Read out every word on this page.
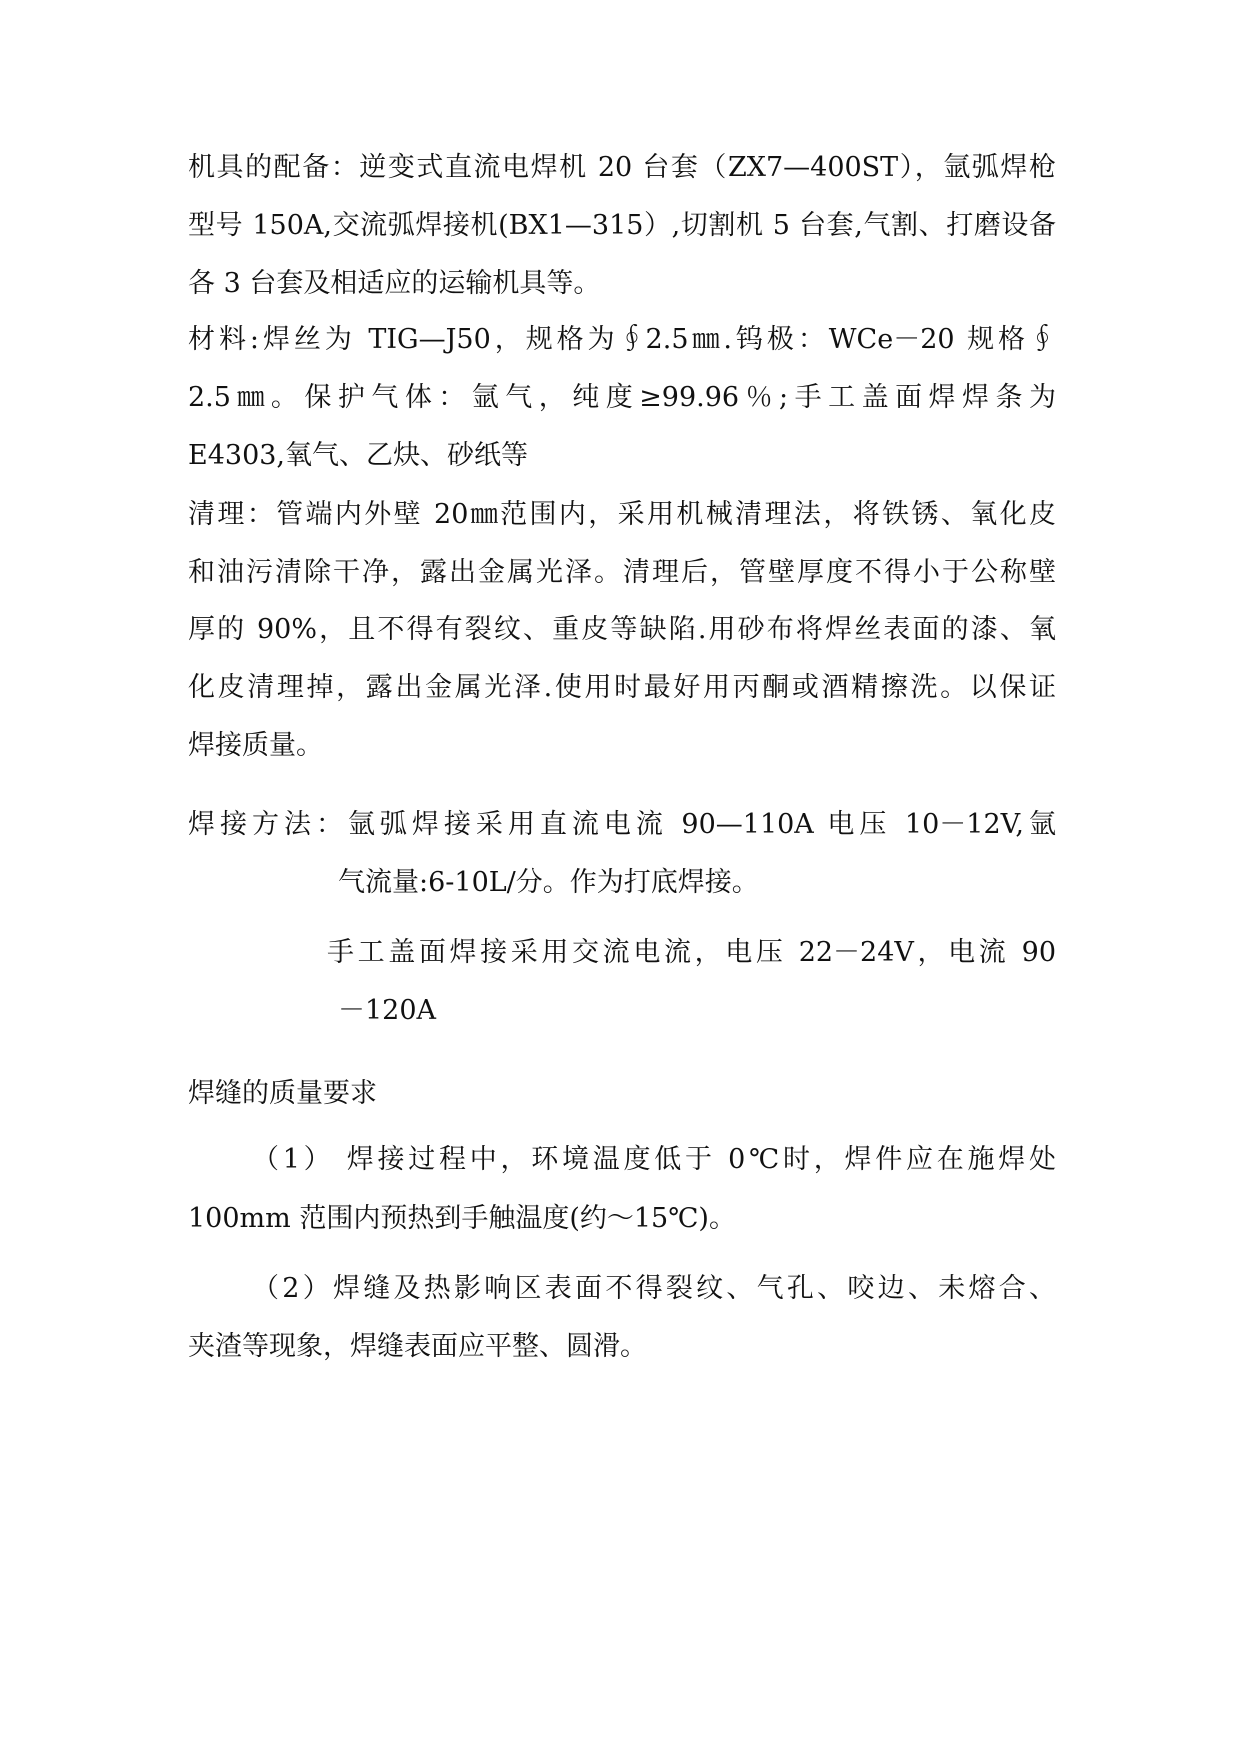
机具的配备：逆变式直流电焊机 20 台套（ZX7—400ST），氩弧焊枪
型号 150A,交流弧焊接机(BX1—315）,切割机 5 台套,气割、打磨设备
各 3 台套及相适应的运输机具等。
材料:焊丝为 TIG—J50，规格为∮2.5㎜.钨极：WCe－20 规格∮
2.5㎜。保护气体：氩气，纯度≥99.96％;手工盖面焊焊条为
E4303,氧气、乙炔、砂纸等
清理：管端内外壁 20㎜范围内，采用机械清理法，将铁锈、氧化皮
和油污清除干净，露出金属光泽。清理后，管壁厚度不得小于公称壁
厚的 90%，且不得有裂纹、重皮等缺陷.用砂布将焊丝表面的漆、氧
化皮清理掉，露出金属光泽.使用时最好用丙酮或酒精擦洗。以保证
焊接质量。
焊接方法：氩弧焊接采用直流电流 90—110A 电压 10－12V,氩
气流量:6-10L/分。作为打底焊接。
手工盖面焊接采用交流电流，电压 22－24V，电流 90
－120A
焊缝的质量要求
（1） 焊接过程中，环境温度低于 0℃时，焊件应在施焊处
100mm 范围内预热到手触温度(约～15℃)。
（2）焊缝及热影响区表面不得裂纹、气孔、咬边、未熔合、
夹渣等现象，焊缝表面应平整、圆滑。
